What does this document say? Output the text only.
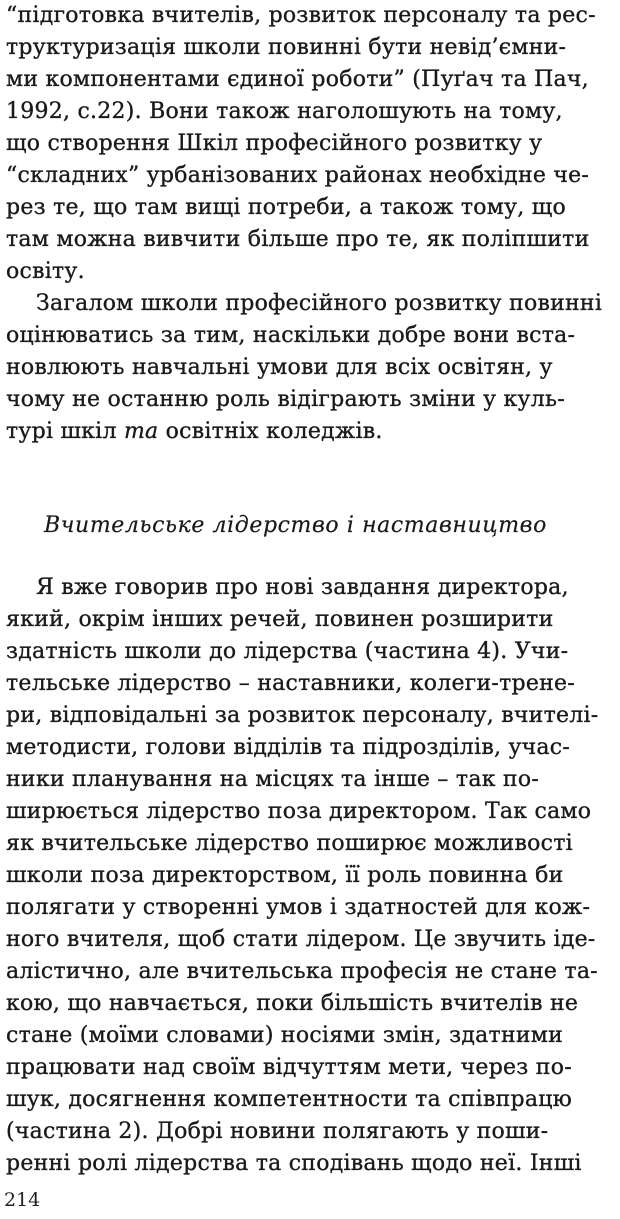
“підготовка вчителів, розвиток персоналу та рес-
труктуризація школи повинні бути невід’ємни-
ми компонентами єдиної роботи” (Пуґач та Пач,
1992, с.22). Вони також наголошують на тому,
що створення Шкіл професійного розвитку у
“складних” урбанізованих районах необхідне че-
рез те, що там вищі потреби, а також тому, що
там можна вивчити більше про те, як поліпшити
освіту.
Загалом школи професійного розвитку повинні
оцінюватись за тим, наскільки добре вони вста-
новлюють навчальні умови для всіх освітян, у
чому не останню роль відіграють зміни у куль-
турі шкіл та освітніх коледжів.
Вчительське лідерство і наставництво
Я вже говорив про нові завдання директора,
який, окрім інших речей, повинен розширити
здатність школи до лідерства (частина 4). Учи-
тельське лідерство – наставники, колеги-трене-
ри, відповідальні за розвиток персоналу, вчителі-
методисти, голови відділів та підрозділів, учас-
ники планування на місцях та інше – так по-
ширюється лідерство поза директором. Так само
як вчительське лідерство поширює можливості
школи поза директорством, її роль повинна би
полягати у створенні умов і здатностей для кож-
ного вчителя, щоб стати лідером. Це звучить іде-
алістично, але вчительська професія не стане та-
кою, що навчається, поки більшість вчителів не
стане (моїми словами) носіями змін, здатними
працювати над своїм відчуттям мети, через по-
шук, досягнення компетентности та співпрацю
(частина 2). Добрі новини полягають у поши-
ренні ролі лідерства та сподівань щодо неї. Інші
214
